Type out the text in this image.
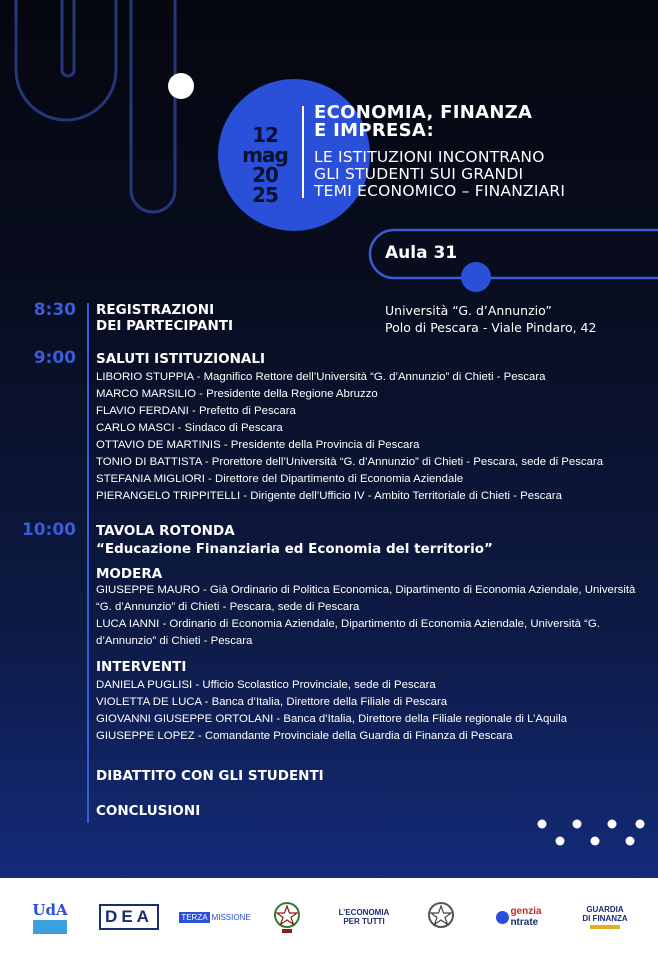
12
mag
20
25
ECONOMIA, FINANZA
E IMPRESA:
LE ISTITUZIONI INCONTRANO
GLI STUDENTI SUI GRANDI
TEMI ECONOMICO – FINANZIARI
Aula 31
Università “G. d’Annunzio”
Polo di Pescara - Viale Pindaro, 42
8:30 REGISTRAZIONI
DEI PARTECIPANTI
9:00 SALUTI ISTITUZIONALI
LIBORIO STUPPIA - Magnifico Rettore dell’Università “G. d’Annunzio” di Chieti - Pescara
MARCO MARSILIO - Presidente della Regione Abruzzo
FLAVIO FERDANI - Prefetto di Pescara
CARLO MASCI - Sindaco di Pescara
OTTAVIO DE MARTINIS - Presidente della Provincia di Pescara
TONIO DI BATTISTA - Prorettore dell’Università “G. d’Annunzio” di Chieti - Pescara, sede di Pescara
STEFANIA MIGLIORI - Direttore del Dipartimento di Economia Aziendale
PIERANGELO TRIPPITELLI - Dirigente dell’Ufficio IV - Ambito Territoriale di Chieti - Pescara
10:00 TAVOLA ROTONDA
“Educazione Finanziaria ed Economia del territorio”
MODERA
GIUSEPPE MAURO - Già Ordinario di Politica Economica, Dipartimento di Economia Aziendale, Università “G. d’Annunzio” di Chieti - Pescara, sede di Pescara
LUCA IANNI - Ordinario di Economia Aziendale, Dipartimento di Economia Aziendale, Università “G. d’Annunzio” di Chieti - Pescara
INTERVENTI
DANIELA PUGLISI - Ufficio Scolastico Provinciale, sede di Pescara
VIOLETTA DE LUCA - Banca d’Italia, Direttore della Filiale di Pescara
GIOVANNI GIUSEPPE ORTOLANI - Banca d’Italia, Direttore della Filiale regionale di L’Aquila
GIUSEPPE LOPEZ - Comandante Provinciale della Guardia di Finanza di Pescara
DIBATTITO CON GLI STUDENTI
CONCLUSIONI
UdA	DEA	TERZA MISSIONE	L’ECONOMIA
PER TUTTI
genzia
ntrate
GUARDIA
DI FINANZA
